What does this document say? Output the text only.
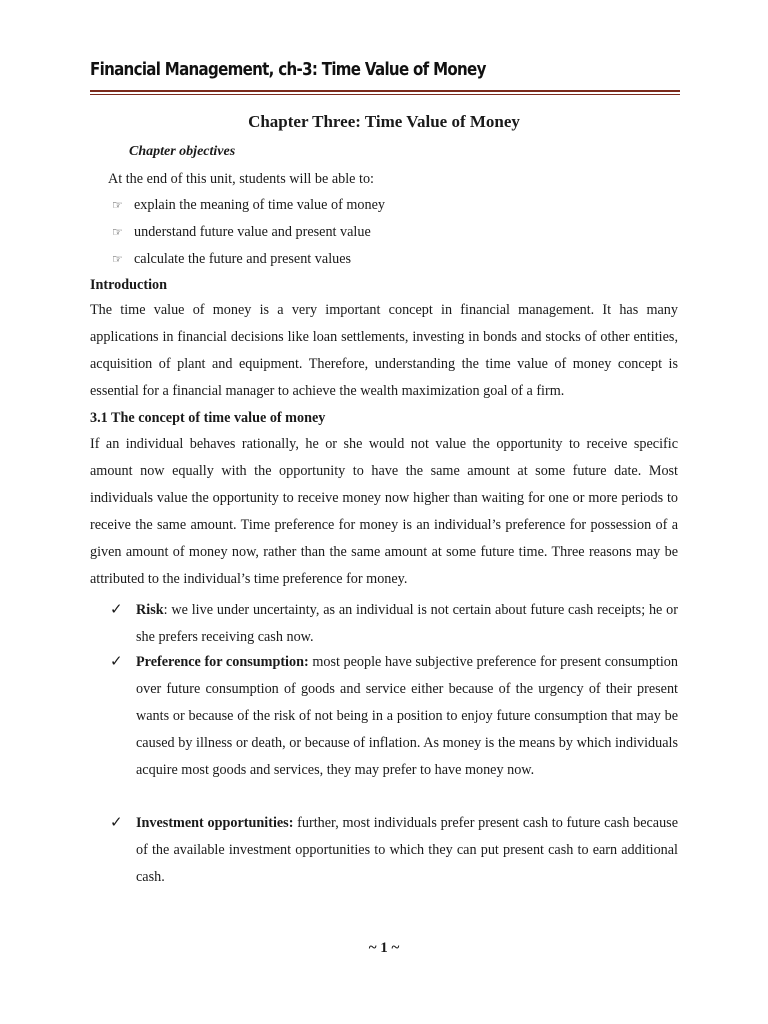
Financial Management, ch-3: Time Value of Money
Chapter Three: Time Value of Money
Chapter objectives
At the end of this unit, students will be able to:
☞ explain the meaning of time value of money
☞ understand future value and present value
☞ calculate the future and present values
Introduction
The time value of money is a very important concept in financial management. It has many applications in financial decisions like loan settlements, investing in bonds and stocks of other entities, acquisition of plant and equipment. Therefore, understanding the time value of money concept is essential for a financial manager to achieve the wealth maximization goal of a firm.
3.1 The concept of time value of money
If an individual behaves rationally, he or she would not value the opportunity to receive specific amount now equally with the opportunity to have the same amount at some future date. Most individuals value the opportunity to receive money now higher than waiting for one or more periods to receive the same amount. Time preference for money is an individual’s preference for possession of a given amount of money now, rather than the same amount at some future time. Three reasons may be attributed to the individual’s time preference for money.
✓ Risk: we live under uncertainty, as an individual is not certain about future cash receipts; he or she prefers receiving cash now.
✓ Preference for consumption: most people have subjective preference for present consumption over future consumption of goods and service either because of the urgency of their present wants or because of the risk of not being in a position to enjoy future consumption that may be caused by illness or death, or because of inflation. As money is the means by which individuals acquire most goods and services, they may prefer to have money now.
✓ Investment opportunities: further, most individuals prefer present cash to future cash because of the available investment opportunities to which they can put present cash to earn additional cash.
~ 1 ~
